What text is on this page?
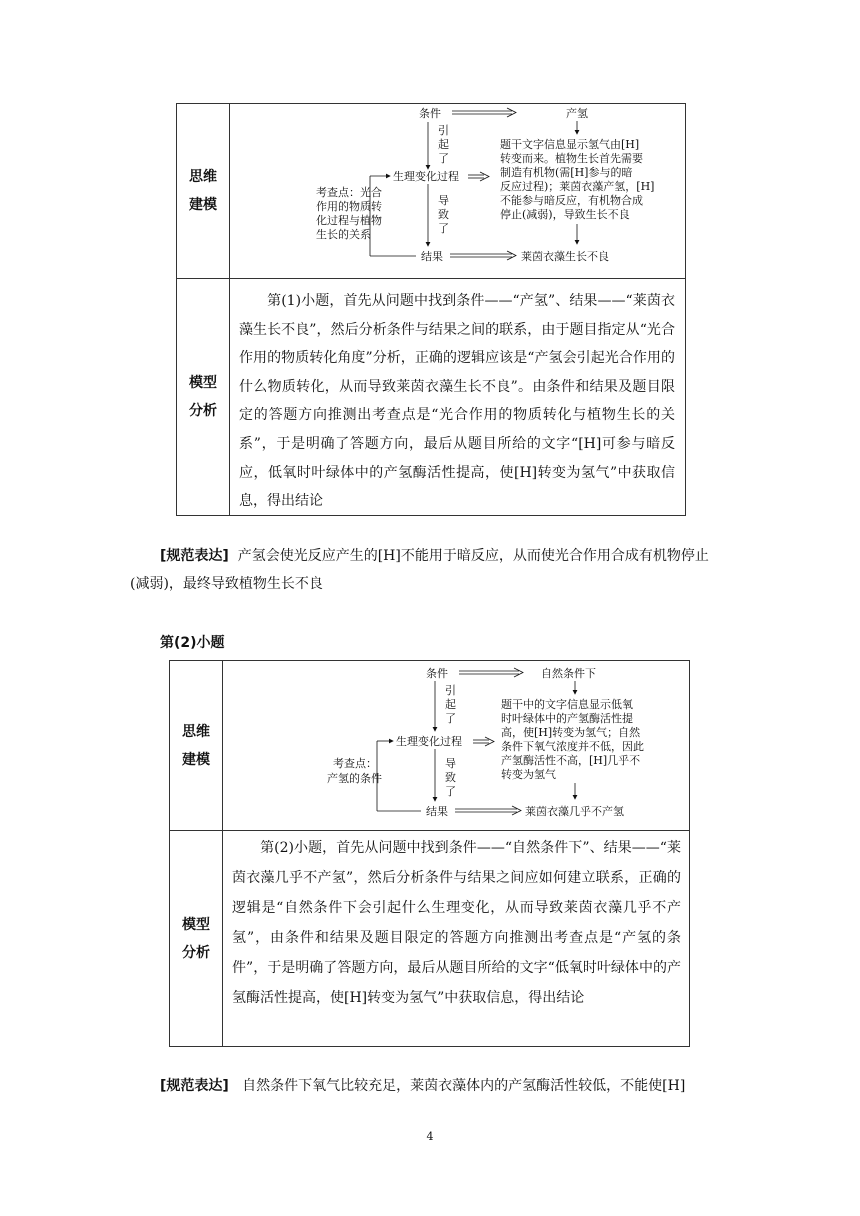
思维建模
条件	产氢
引
起
了
生理变化过程
考查点：光合
作用的物质转
化过程与植物
生长的关系
导
致
了
题干文字信息显示氢气由[H]
转变而来。植物生长首先需要
制造有机物(需[H]参与的暗
反应过程)；莱茵衣藻产氢，[H]
不能参与暗反应，有机物合成
停止(减弱)，导致生长不良
结果	莱茵衣藻生长不良
模型分析
第(1)小题，首先从问题中找到条件——“产氢”、结果——“莱茵衣藻生长不良”，然后分析条件与结果之间的联系，由于题目指定从“光合作用的物质转化角度”分析，正确的逻辑应该是“产氢会引起光合作用的什么物质转化，从而导致莱茵衣藻生长不良”。由条件和结果及题目限定的答题方向推测出考查点是“光合作用的物质转化与植物生长的关系”，于是明确了答题方向，最后从题目所给的文字“[H]可参与暗反应，低氧时叶绿体中的产氢酶活性提高，使[H]转变为氢气”中获取信息，得出结论
[规范表达] 产氢会使光反应产生的[H]不能用于暗反应，从而使光合作用合成有机物停止(减弱)，最终导致植物生长不良
第(2)小题
思维建模
条件	自然条件下
引
起
了
生理变化过程
考查点：
产氢的条件
导
致
了
题干中的文字信息显示低氧
时叶绿体中的产氢酶活性提
高，使[H]转变为氢气；自然
条件下氧气浓度并不低，因此
产氢酶活性不高，[H]几乎不
转变为氢气
结果	莱茵衣藻几乎不产氢
模型分析
第(2)小题，首先从问题中找到条件——“自然条件下”、结果——“莱茵衣藻几乎不产氢”，然后分析条件与结果之间应如何建立联系，正确的逻辑是“自然条件下会引起什么生理变化，从而导致莱茵衣藻几乎不产氢”，由条件和结果及题目限定的答题方向推测出考查点是“产氢的条件”，于是明确了答题方向，最后从题目所给的文字“低氧时叶绿体中的产氢酶活性提高，使[H]转变为氢气”中获取信息，得出结论
[规范表达] 自然条件下氧气比较充足，莱茵衣藻体内的产氢酶活性较低，不能使[H]
4
